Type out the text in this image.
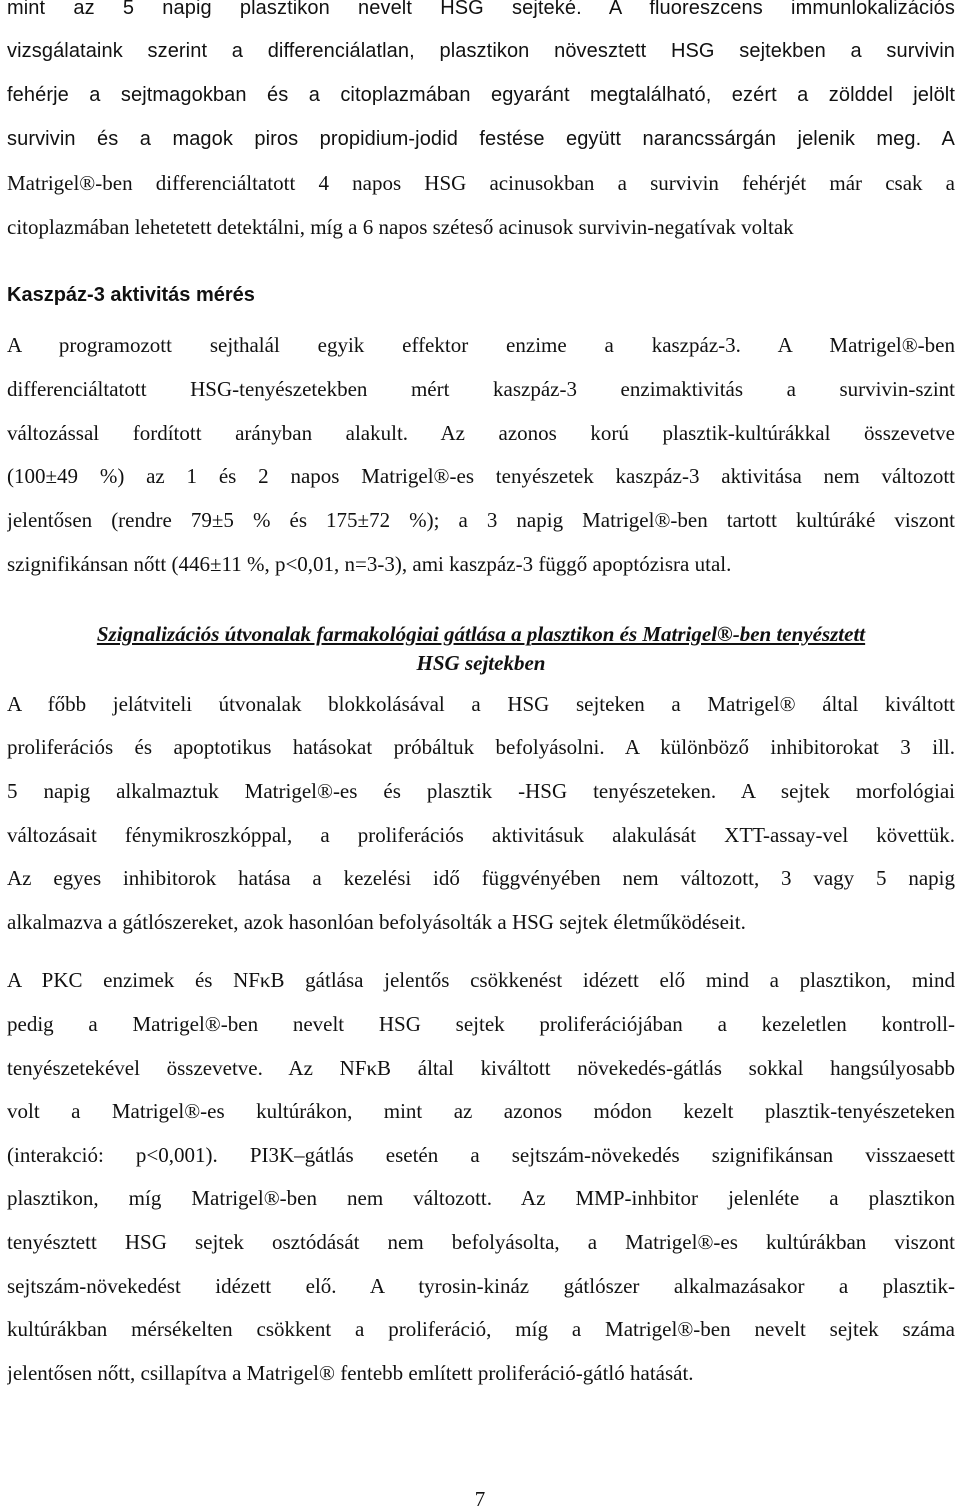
mint az 5 napig plasztikon nevelt HSG sejteké. A fluoreszcens immunlokalizációs
vizsgálataink szerint a differenciálatlan, plasztikon növesztett HSG sejtekben a survivin
fehérje a sejtmagokban és a citoplazmában egyaránt megtalálható, ezért a zölddel jelölt
survivin és a magok piros propidium-jodid festése együtt narancssárgán jelenik meg. A
Matrigel®-ben differenciáltatott 4 napos HSG acinusokban a survivin fehérjét már csak a
citoplazmában lehetetett detektálni, míg a 6 napos széteső acinusok survivin-negatívak voltak
Kaszpáz-3 aktivitás mérés
A programozott sejthalál egyik effektor enzime a kaszpáz-3. A Matrigel®-ben
differenciáltatott HSG-tenyészetekben mért kaszpáz-3 enzimaktivitás a survivin-szint
változással fordított arányban alakult. Az azonos korú plasztik-kultúrákkal összevetve
(100±49 %) az 1 és 2 napos Matrigel®-es tenyészetek kaszpáz-3 aktivitása nem változott
jelentősen (rendre 79±5 % és 175±72 %); a 3 napig Matrigel®-ben tartott kultúráké viszont
szignifikánsan nőtt (446±11 %, p<0,01, n=3-3), ami kaszpáz-3 függő apoptózisra utal.
Szignalizációs útvonalak farmakológiai gátlása a plasztikon és Matrigel®-ben tenyésztett
HSG sejtekben
A főbb jelátviteli útvonalak blokkolásával a HSG sejteken a Matrigel® által kiváltott
proliferációs és apoptotikus hatásokat próbáltuk befolyásolni. A különböző inhibitorokat 3 ill.
5 napig alkalmaztuk Matrigel®-es és plasztik -HSG tenyészeteken. A sejtek morfológiai
változásait fénymikroszkóppal, a proliferációs aktivitásuk alakulását XTT-assay-vel követtük.
Az egyes inhibitorok hatása a kezelési idő függvényében nem változott, 3 vagy 5 napig
alkalmazva a gátlószereket, azok hasonlóan befolyásolták a HSG sejtek életműködéseit.
A PKC enzimek és NFκB gátlása jelentős csökkenést idézett elő mind a plasztikon, mind
pedig a Matrigel®-ben nevelt HSG sejtek proliferációjában a kezeletlen kontroll-
tenyészetekével összevetve. Az NFκB által kiváltott növekedés-gátlás sokkal hangsúlyosabb
volt a Matrigel®-es kultúrákon, mint az azonos módon kezelt plasztik-tenyészeteken
(interakció: p<0,001). PI3K–gátlás esetén a sejtszám-növekedés szignifikánsan visszaesett
plasztikon, míg Matrigel®-ben nem változott. Az MMP-inhbitor jelenléte a plasztikon
tenyésztett HSG sejtek osztódását nem befolyásolta, a Matrigel®-es kultúrákban viszont
sejtszám-növekedést idézett elő. A tyrosin-kináz gátlószer alkalmazásakor a plasztik-
kultúrákban mérsékelten csökkent a proliferáció, míg a Matrigel®-ben nevelt sejtek száma
jelentősen nőtt, csillapítva a Matrigel® fentebb említett proliferáció-gátló hatását.
7
